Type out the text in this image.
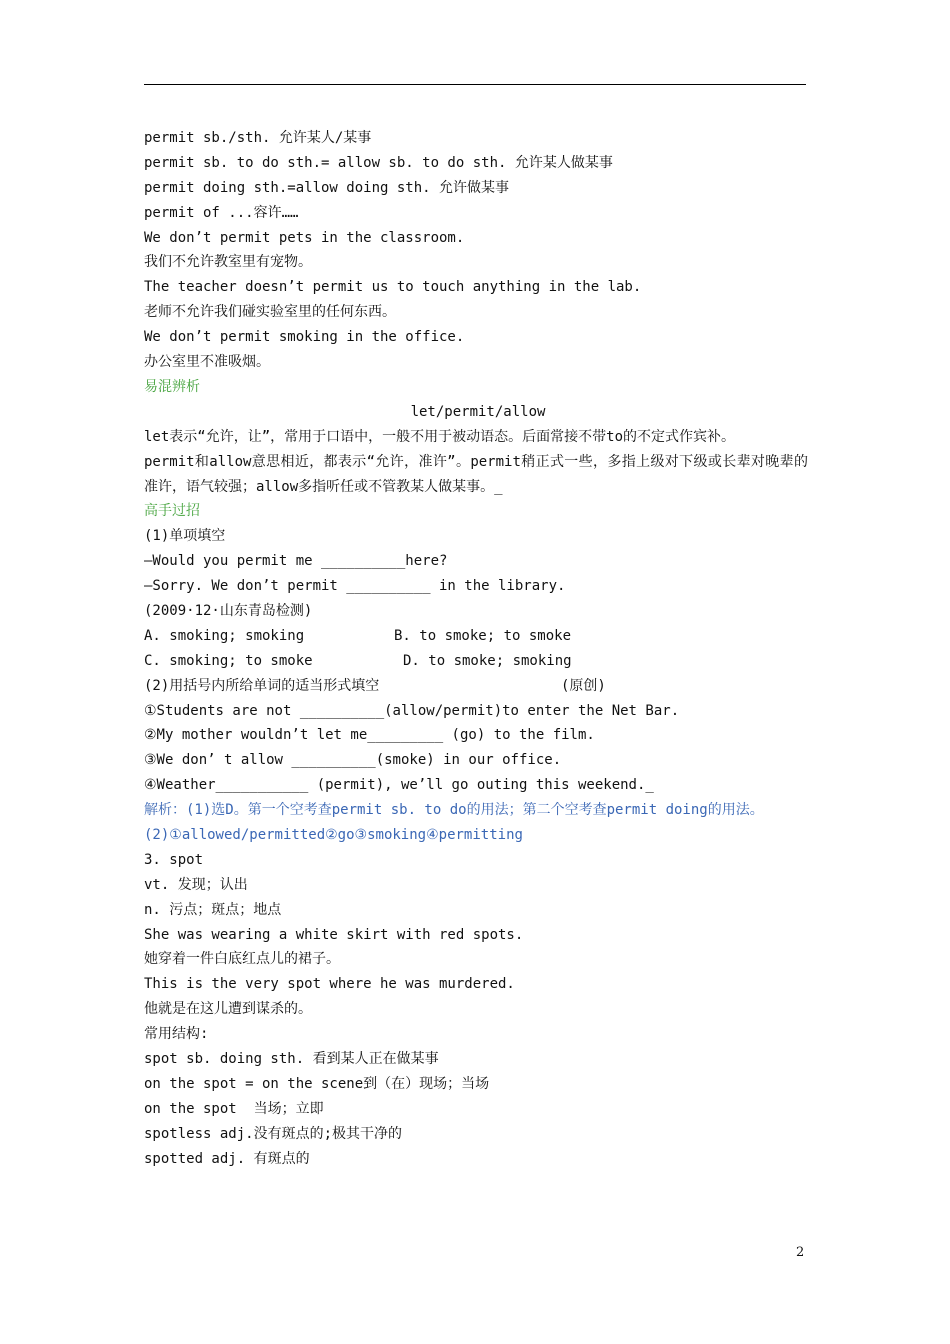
permit sb./sth. 允许某人/某事
permit sb. to do sth.= allow sb. to do sth. 允许某人做某事
permit doing sth.=allow doing sth. 允许做某事
permit of ...容许……
We don’t permit pets in the classroom.
我们不允许教室里有宠物。
The teacher doesn’t permit us to touch anything in the lab.
老师不允许我们碰实验室里的任何东西。
We don’t permit smoking in the office.
办公室里不准吸烟。
易混辨析
let/permit/allow
let表示“允许，让”，常用于口语中，一般不用于被动语态。后面常接不带to的不定式作宾补。
permit和allow意思相近，都表示“允许，准许”。permit稍正式一些，多指上级对下级或长辈对晚辈的准许，语气较强；allow多指听任或不管教某人做某事。_
高手过招
(1)单项填空
—Would you permit me __________here?
—Sorry. We don’t permit __________ in the library.
(2009·12·山东青岛检测)
A. smoking; smoking	B. to smoke; to smoke
C. smoking; to smoke	D. to smoke; smoking
(2)用括号内所给单词的适当形式填空	(原创)
①Students are not __________(allow/permit)to enter the Net Bar.
②My mother wouldn’t let me_________ (go) to the film.
③We don’ t allow __________(smoke) in our office.
④Weather___________ (permit), we’ll go outing this weekend._
解析：(1)选D。第一个空考查permit sb. to do的用法；第二个空考查permit doing的用法。
(2)①allowed/permitted②go③smoking④permitting
3. spot
vt. 发现；认出
n. 污点；斑点；地点
She was wearing a white skirt with red spots.
她穿着一件白底红点儿的裙子。
This is the very spot where he was murdered.
他就是在这儿遭到谋杀的。
常用结构:
spot sb. doing sth. 看到某人正在做某事
on the spot = on the scene到（在）现场；当场
on the spot  当场；立即
spotless adj.没有斑点的;极其干净的
spotted adj. 有斑点的
2
